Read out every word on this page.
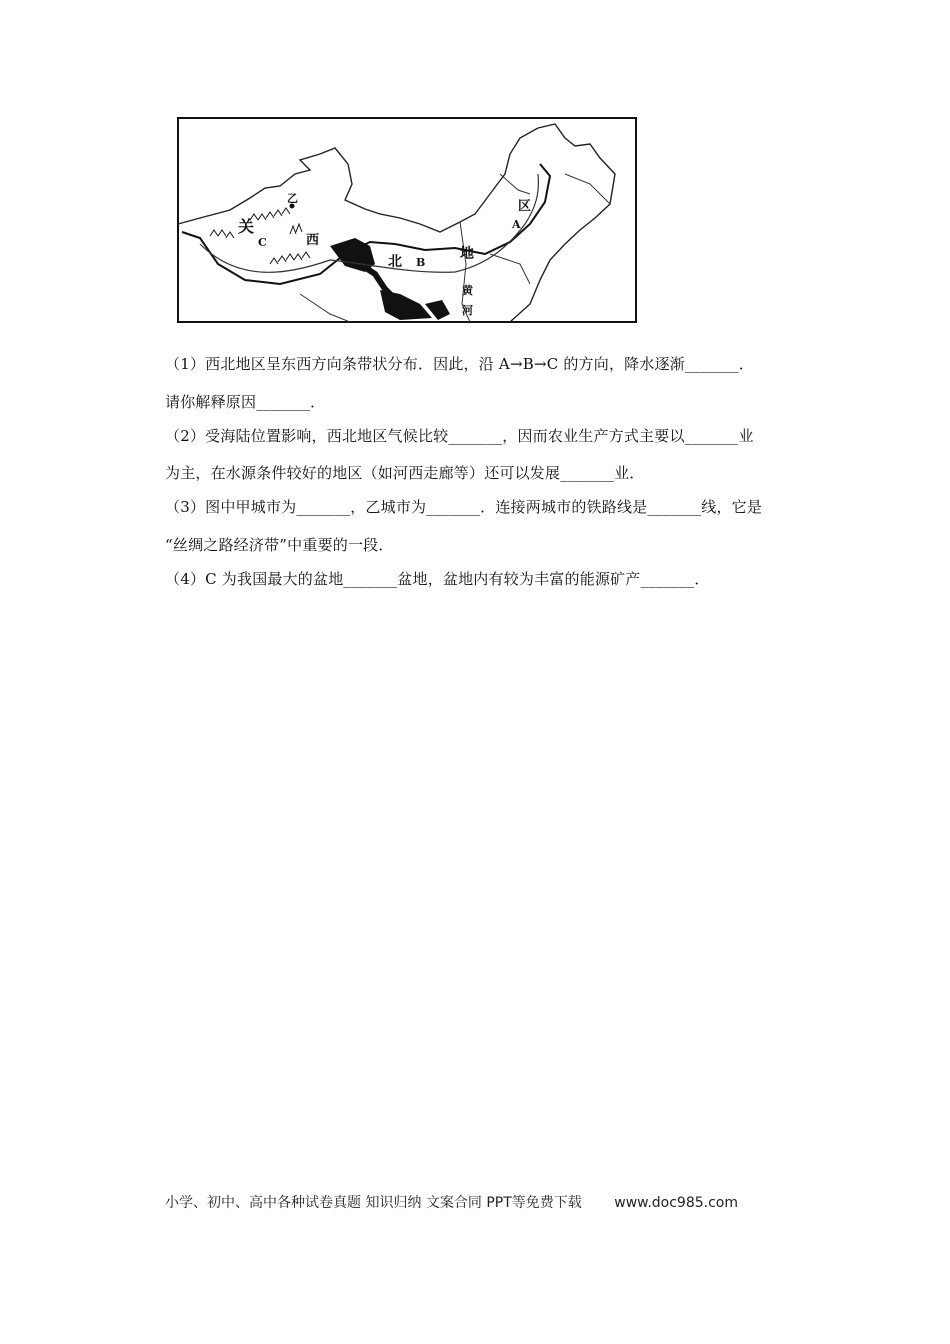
乙
关
西
C
北 B
地
区
A
黄
河
（1）西北地区呈东西方向条带状分布．因此，沿 A→B→C 的方向，降水逐渐_______．
请你解释原因_______．
（2）受海陆位置影响，西北地区气候比较_______，因而农业生产方式主要以_______业
为主，在水源条件较好的地区（如河西走廊等）还可以发展_______业．
（3）图中甲城市为_______，乙城市为_______．连接两城市的铁路线是_______线，它是
“丝绸之路经济带”中重要的一段．
（4）C 为我国最大的盆地_______盆地，盆地内有较为丰富的能源矿产_______．
小学、初中、高中各种试卷真题 知识归纳 文案合同 PPT等免费下载 www.doc985.com
